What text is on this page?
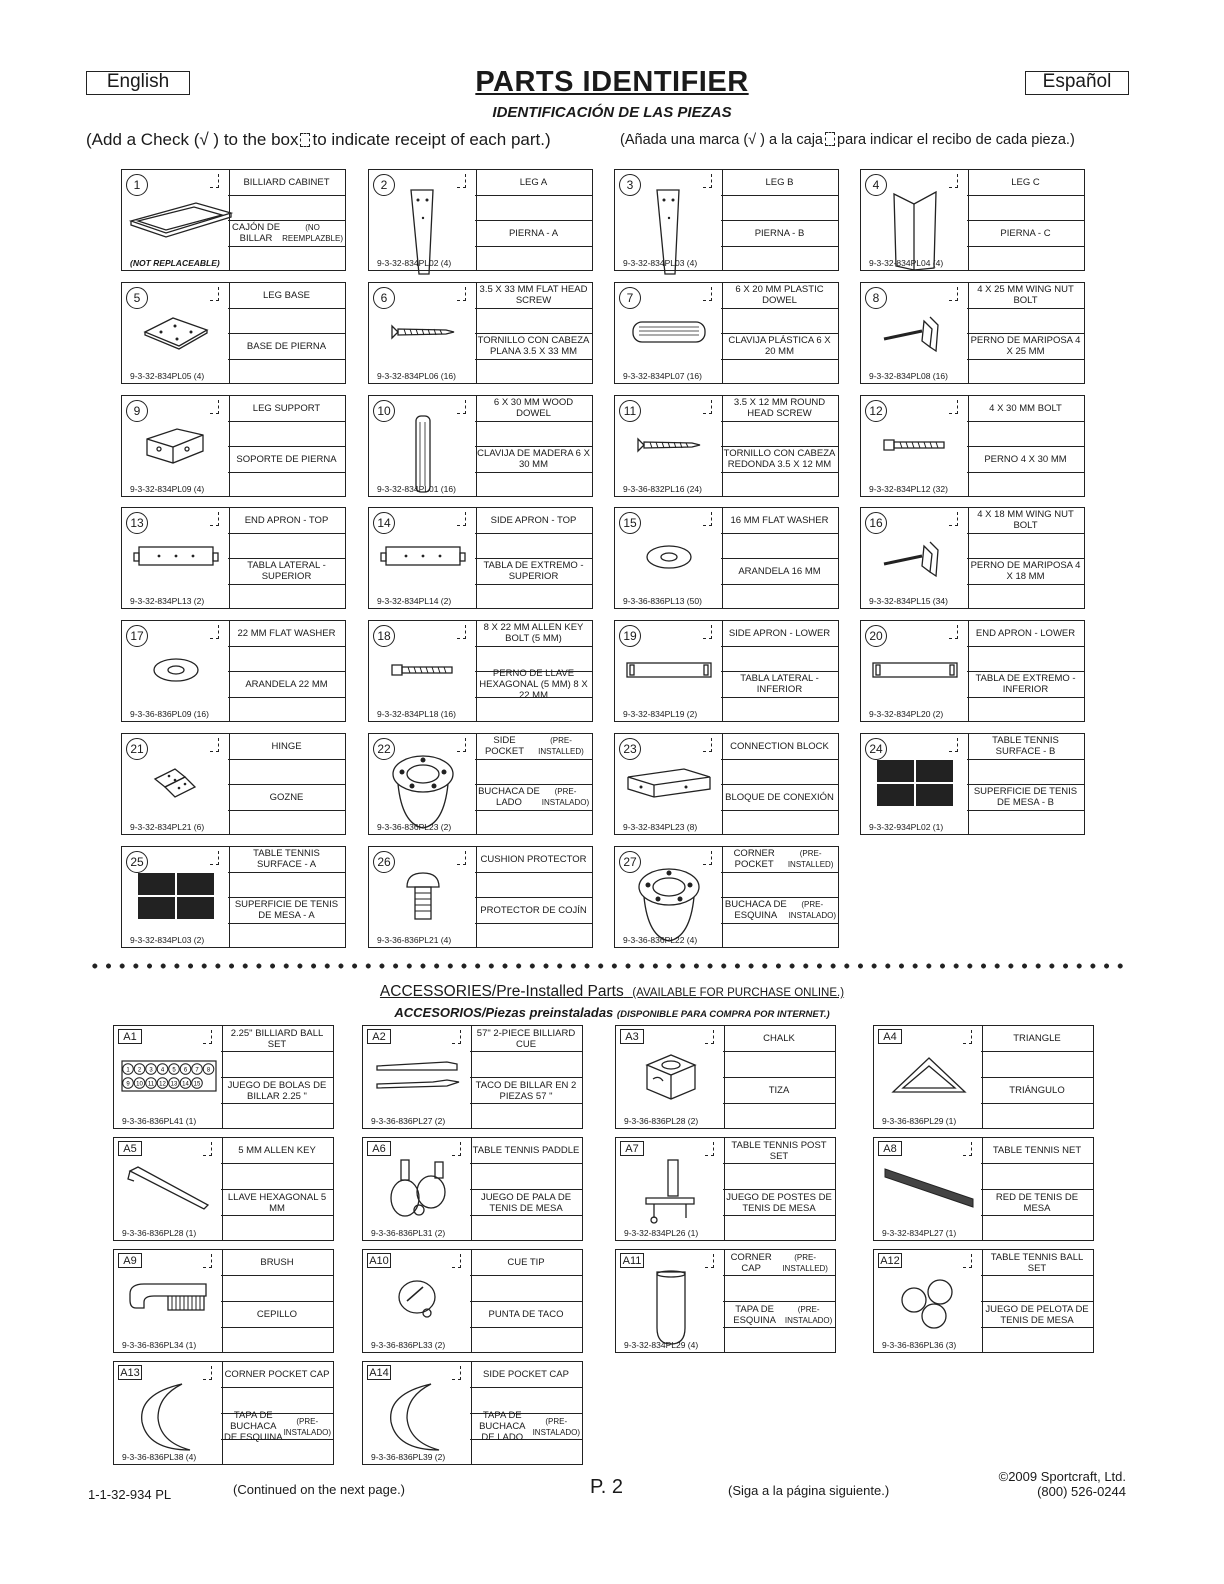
English	PARTS IDENTIFIER	Español
IDENTIFICACIÓN DE LAS PIEZAS
(Add a Check (√ ) to the box to indicate receipt of each part.)	(Añada una marca (√ ) a la caja para indicar el recibo de cada pieza.)
1
(NOT REPLACEABLE)
BILLIARD CABINET
CAJÓN DE BILLAR

(NO REEMPLAZBLE)
2
9-3-32-834PL02 (4)
LEG A
PIERNA - A
3
9-3-32-834PL03 (4)
LEG B
PIERNA - B
4
9-3-32-834PL04 (4)
LEG C
PIERNA - C
5
9-3-32-834PL05 (4)
LEG BASE
BASE DE PIERNA
6
9-3-32-834PL06 (16)
3.5 X 33 MM FLAT HEAD SCREW
TORNILLO CON CABEZA PLANA 3.5 X 33 MM
7
9-3-32-834PL07 (16)
6 X 20 MM PLASTIC DOWEL
CLAVIJA PLÁSTICA 6 X 20 MM
8
9-3-32-834PL08 (16)
4 X 25 MM WING NUT BOLT
PERNO DE MARIPOSA 4 X 25 MM
9
9-3-32-834PL09 (4)
LEG SUPPORT
SOPORTE DE PIERNA
10
9-3-32-834PL01 (16)
6 X 30 MM WOOD DOWEL
CLAVIJA DE MADERA 6 X 30 MM
11
9-3-36-832PL16 (24)
3.5 X 12 MM ROUND HEAD SCREW
TORNILLO CON CABEZA REDONDA 3.5 X 12 MM
12
9-3-32-834PL12 (32)
4 X 30 MM BOLT
PERNO 4 X 30 MM
13
9-3-32-834PL13 (2)
END APRON - TOP
TABLA LATERAL - SUPERIOR
14
9-3-32-834PL14 (2)
SIDE APRON - TOP
TABLA DE EXTREMO - SUPERIOR
15
9-3-36-836PL13 (50)
16 MM FLAT WASHER
ARANDELA 16 MM
16
9-3-32-834PL15 (34)
4 X 18 MM WING NUT BOLT
PERNO DE MARIPOSA 4 X 18 MM
17
9-3-36-836PL09 (16)
22 MM FLAT WASHER
ARANDELA 22 MM
18
9-3-32-834PL18 (16)
8 X 22 MM ALLEN KEY BOLT (5 MM)
PERNO DE LLAVE HEXAGONAL (5 MM) 8 X 22 MM
19
9-3-32-834PL19 (2)
SIDE APRON - LOWER
TABLA LATERAL - INFERIOR
20
9-3-32-834PL20 (2)
END APRON - LOWER
TABLA DE EXTREMO - INFERIOR
21
9-3-32-834PL21 (6)
HINGE
GOZNE
22
9-3-36-836PL23 (2)
SIDE POCKET

(PRE-INSTALLED)
BUCHACA DE LADO

(PRE-INSTALADO)
23
9-3-32-834PL23 (8)
CONNECTION BLOCK
BLOQUE DE CONEXIÓN
24
9-3-32-934PL02 (1)
TABLE TENNIS SURFACE - B
SUPERFICIE DE TENIS DE MESA - B
25
9-3-32-834PL03 (2)
TABLE TENNIS SURFACE - A
SUPERFICIE DE TENIS DE MESA - A
26
9-3-36-836PL21 (4)
CUSHION PROTECTOR
PROTECTOR DE COJÍN
27
9-3-36-836PL22 (4)
CORNER POCKET

(PRE-INSTALLED)
BUCHACA DE ESQUINA

(PRE-INSTALADO)
ACCESSORIES/Pre-Installed Parts (AVAILABLE FOR PURCHASE ONLINE.)
ACCESORIOS/Piezas preinstaladas (DISPONIBLE PARA COMPRA POR INTERNET.)
A1
1 2 3 4 5 6 7 8
9 10 11 12 13 14 15
9-3-36-836PL41 (1)
2.25" BILLIARD BALL SET
JUEGO DE BOLAS DE BILLAR 2.25 "
A2
9-3-36-836PL27 (2)
57" 2-PIECE BILLIARD CUE
TACO DE BILLAR EN 2 PIEZAS 57 "
A3
9-3-36-836PL28 (2)
CHALK
TIZA
A4
9-3-36-836PL29 (1)
TRIANGLE
TRIÁNGULO
A5
9-3-36-836PL28 (1)
5 MM ALLEN KEY
LLAVE HEXAGONAL 5 MM
A6
9-3-36-836PL31 (2)
TABLE TENNIS PADDLE
JUEGO DE PALA DE TENIS DE MESA
A7
9-3-32-834PL26 (1)
TABLE TENNIS POST SET
JUEGO DE POSTES DE TENIS DE MESA
A8
9-3-32-834PL27 (1)
TABLE TENNIS NET
RED DE TENIS DE MESA
A9
9-3-36-836PL34 (1)
BRUSH
CEPILLO
A10
9-3-36-836PL33 (2)
CUE TIP
PUNTA DE TACO
A11
9-3-32-834PL29 (4)
CORNER CAP

(PRE-INSTALLED)
TAPA DE ESQUINA

(PRE-INSTALADO)
A12
9-3-36-836PL36 (3)
TABLE TENNIS BALL SET
JUEGO DE PELOTA DE TENIS DE MESA
A13
9-3-36-836PL38 (4)
CORNER POCKET CAP
TAPA DE BUCHACA DE ESQUINA

(PRE-INSTALADO)
A14
9-3-36-836PL39 (2)
SIDE POCKET CAP
TAPA DE BUCHACA DE LADO

(PRE-INSTALADO)
1-1-32-934 PL	(Continued on the next page.)	P. 2	(Siga a la página siguiente.)
©2009 Sportcraft, Ltd.
(800) 526-0244
